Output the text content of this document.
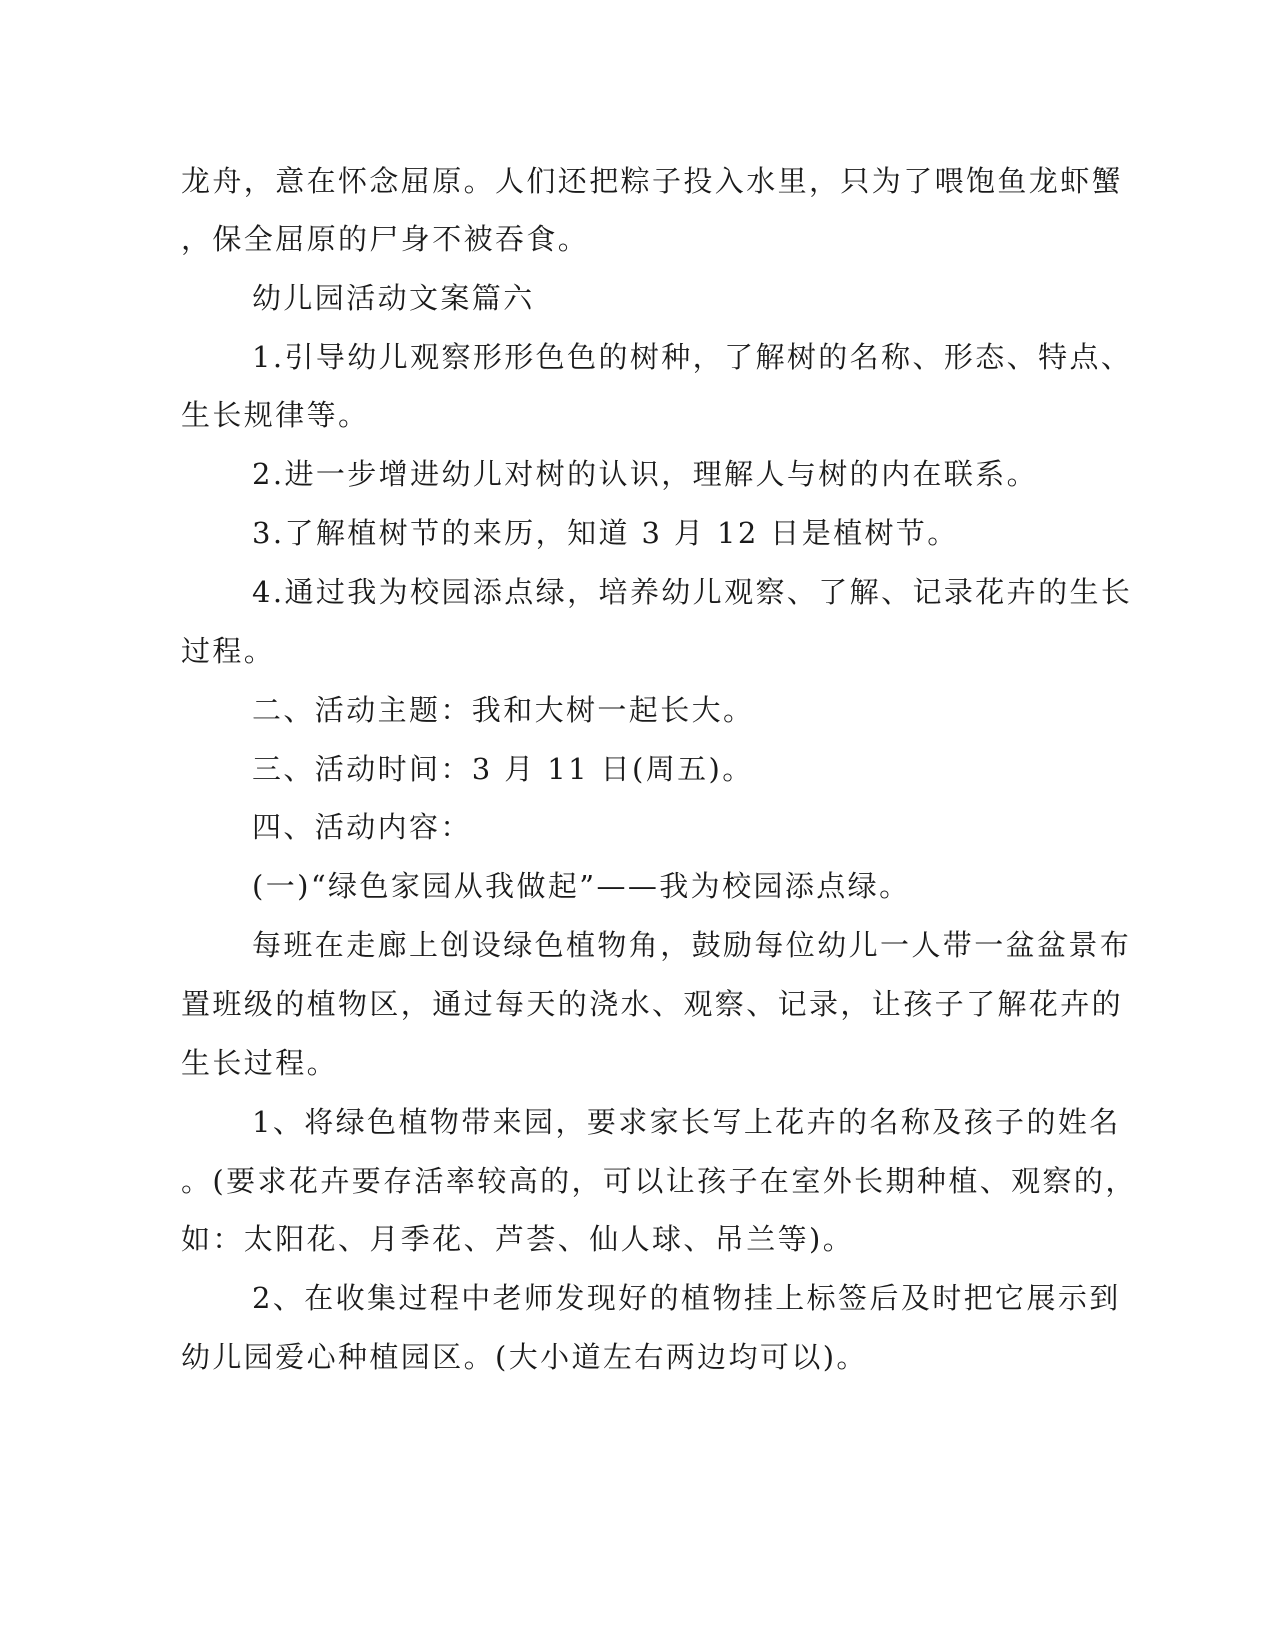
龙舟，意在怀念屈原。人们还把粽子投入水里，只为了喂饱鱼龙虾蟹
，保全屈原的尸身不被吞食。
幼儿园活动文案篇六
1.引导幼儿观察形形色色的树种，了解树的名称、形态、特点、
生长规律等。
2.进一步增进幼儿对树的认识，理解人与树的内在联系。
3.了解植树节的来历，知道 3 月 12 日是植树节。
4.通过我为校园添点绿，培养幼儿观察、了解、记录花卉的生长
过程。
二、活动主题：我和大树一起长大。
三、活动时间：3 月 11 日(周五)。
四、活动内容：
(一)“绿色家园从我做起”——我为校园添点绿。
每班在走廊上创设绿色植物角，鼓励每位幼儿一人带一盆盆景布
置班级的植物区，通过每天的浇水、观察、记录，让孩子了解花卉的
生长过程。
1、将绿色植物带来园，要求家长写上花卉的名称及孩子的姓名
。(要求花卉要存活率较高的，可以让孩子在室外长期种植、观察的，
如：太阳花、月季花、芦荟、仙人球、吊兰等)。
2、在收集过程中老师发现好的植物挂上标签后及时把它展示到
幼儿园爱心种植园区。(大小道左右两边均可以)。
